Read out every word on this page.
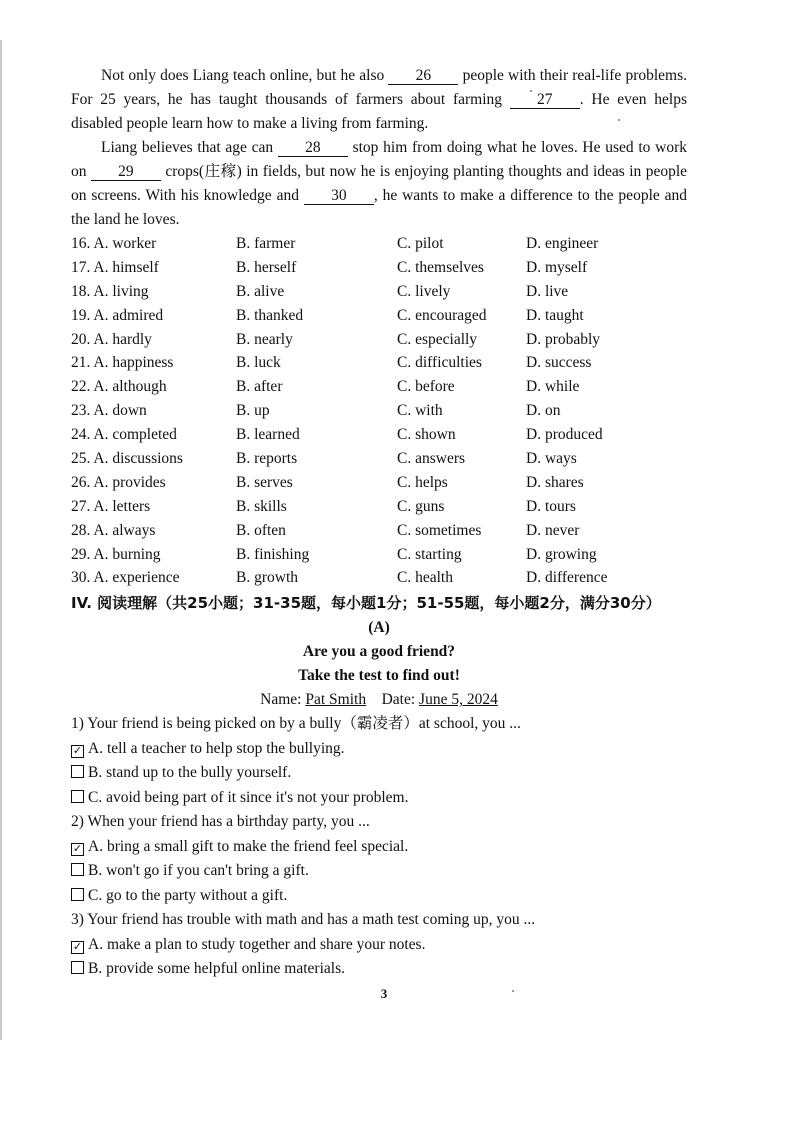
Not only does Liang teach online, but he also 26 people with their real-life problems. For 25 years, he has taught thousands of farmers about farming 27 . He even helps disabled people learn how to make a living from farming.

Liang believes that age can 28 stop him from doing what he loves. He used to work on 29 crops(庄稼) in fields, but now he is enjoying planting thoughts and ideas in people on screens. With his knowledge and 30 , he wants to make a difference to the people and the land he loves.

16. A. worker	B. farmer	C. pilot	D. engineer
17. A. himself	B. herself	C. themselves	D. myself
18. A. living	B. alive	C. lively	D. live
19. A. admired	B. thanked	C. encouraged	D. taught
20. A. hardly	B. nearly	C. especially	D. probably
21. A. happiness	B. luck	C. difficulties	D. success
22. A. although	B. after	C. before	D. while
23. A. down	B. up	C. with	D. on
24. A. completed	B. learned	C. shown	D. produced
25. A. discussions	B. reports	C. answers	D. ways
26. A. provides	B. serves	C. helps	D. shares
27. A. letters	B. skills	C. guns	D. tours
28. A. always	B. often	C. sometimes	D. never
29. A. burning	B. finishing	C. starting	D. growing
30. A. experience	B. growth	C. health	D. difference
IV. 阅读理解（共25小题；31-35题，每小题1分；51-55题，每小题2分，满分30分）
(A)
Are you a good friend?
Take the test to find out!
Name: Pat Smith Date: June 5, 2024

1) Your friend is being picked on by a bully（霸凌者）at school, you ...

✓ A. tell a teacher to help stop the bullying.

B. stand up to the bully yourself.

C. avoid being part of it since it's not your problem.

2) When your friend has a birthday party, you ...

✓ A. bring a small gift to make the friend feel special.

B. won't go if you can't bring a gift.

C. go to the party without a gift.

3) Your friend has trouble with math and has a math test coming up, you ...

✓ A. make a plan to study together and share your notes.

B. provide some helpful online materials.

3
